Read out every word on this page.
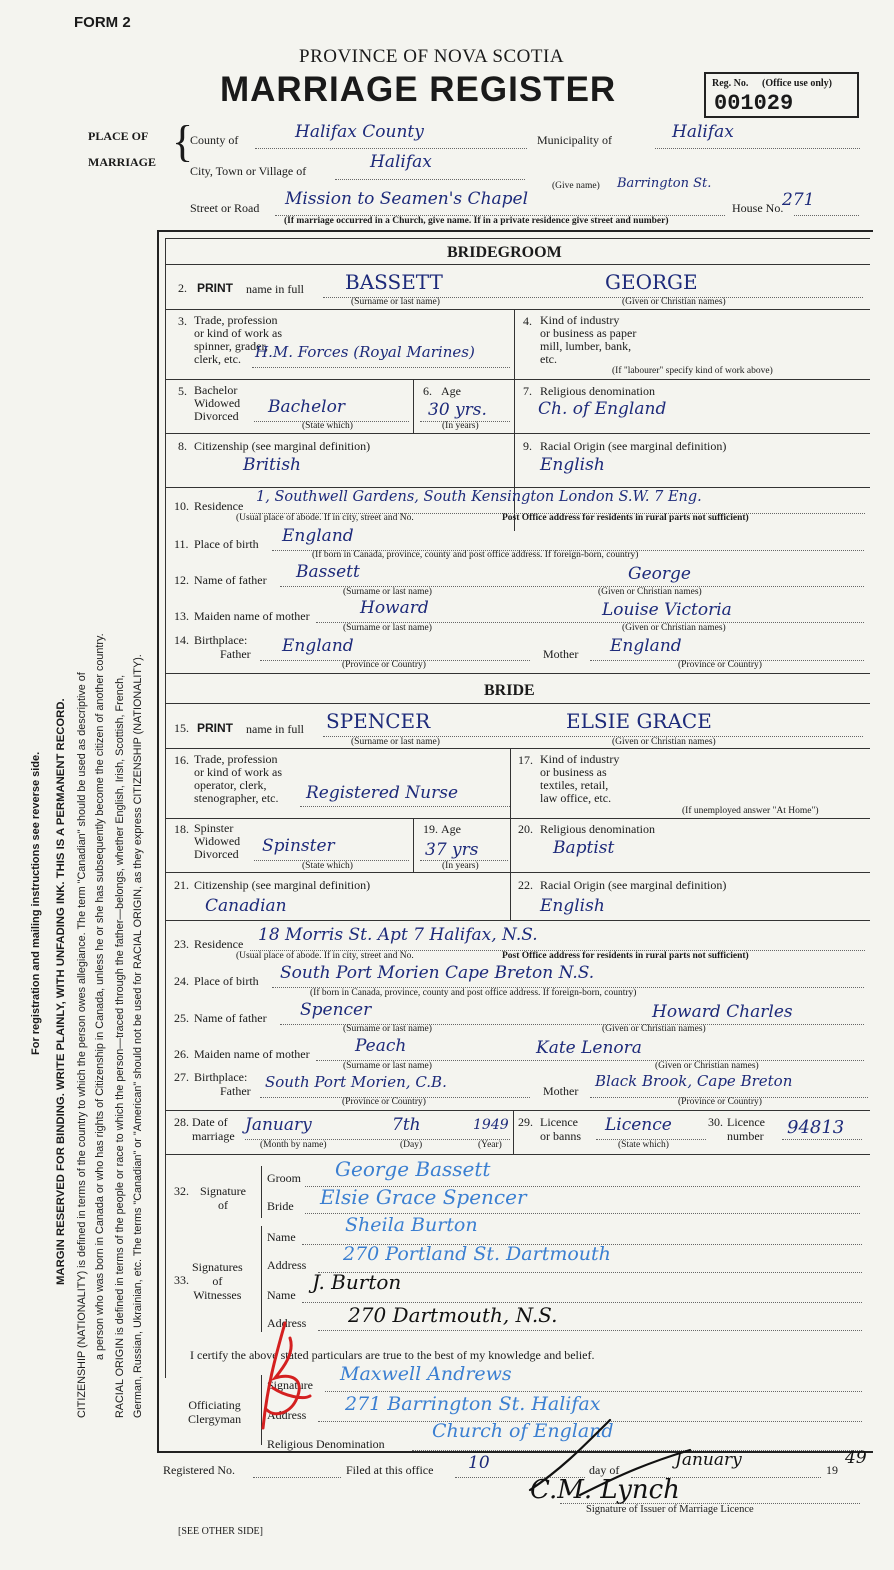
FORM 2
PROVINCE OF NOVA SCOTIA
MARRIAGE REGISTER	Reg. No. (Office use only)
001029
For registration and mailing instructions see reverse side. MARGIN RESERVED FOR BINDING. WRITE PLAINLY, WITH UNFADING INK. THIS IS A PERMANENT RECORD. CITIZENSHIP (NATIONALITY) is defined in terms of the country to which the person owes allegiance. The term "Canadian" should be used as descriptive of a person who was born in Canada or who has rights of Citizenship in Canada, unless he or she has subsequently become the citizen of another country. RACIAL ORIGIN is defined in terms of the people or race to which the person—traced through the father—belongs, whether English, Irish, Scottish, French, German, Russian, Ukrainian, etc. The terms "Canadian" or "American" should not be used for RACIAL ORIGIN, as they express CITIZENSHIP (NATIONALITY).
PLACE OF
MARRIAGE {
County of	Halifax County	Municipality of	Halifax
City, Town or Village of	Halifax
(Give name) Barrington St.
Street or Road Mission to Seamen's Chapel	House No.
271
(If marriage occurred in a Church, give name. If in a private residence give street and number)
BRIDEGROOM
2. PRINT name in full BASSETT	GEORGE
(Surname or last name)	(Given or Christian names)
3. Trade, profession
or kind of work as
spinner, grader,
clerk, etc. H.M. Forces (Royal Marines)
4. Kind of industry
or business as paper
mill, lumber, bank,
etc.
(If "labourer" specify kind of work above)
5. Bachelor
Widowed
Divorced Bachelor
(State which)
6. Age
30 yrs.
(In years)
7. Religious denomination
Ch. of England
8. Citizenship (see marginal definition)
British
9. Racial Origin (see marginal definition)
English
10. Residence
1, Southwell Gardens, South Kensington London S.W. 7 Eng.
(Usual place of abode. If in city, street and No.	Post Office address for residents in rural parts not sufficient)
11. Place of birth England
(If born in Canada, province, county and post office address. If foreign-born, country)
12. Name of father Bassett	George
(Surname or last name)	(Given or Christian names)
13. Maiden name of mother	Howard	Louise Victoria
(Surname or last name)	(Given or Christian names)
14. Birthplace:
Father England
(Province or Country)
Mother England
(Province or Country)
BRIDE
15. PRINT name in full SPENCER	ELSIE GRACE
(Surname or last name)	(Given or Christian names)
16. Trade, profession
or kind of work as
operator, clerk,
stenographer, etc. Registered Nurse
17. Kind of industry
or business as
textiles, retail,
law office, etc.
(If unemployed answer "At Home")
18. Spinster
Widowed
Divorced Spinster
(State which)
19. Age
37 yrs
(In years)
20. Religious denomination
Baptist
21. Citizenship (see marginal definition)
Canadian
22. Racial Origin (see marginal definition)
English
23. Residence 18 Morris St. Apt 7 Halifax, N.S.
(Usual place of abode. If in city, street and No.	Post Office address for residents in rural parts not sufficient)
24. Place of birth South Port Morien Cape Breton N.S.
(If born in Canada, province, county and post office address. If foreign-born, country)
25. Name of father Spencer	Howard Charles
(Surname or last name)	(Given or Christian names)
26. Maiden name of mother	Peach	Kate Lenora
(Surname or last name)	(Given or Christian names)
27. Birthplace:
Father South Port Morien, C.B.
(Province or Country)
Mother
Black Brook, Cape Breton
(Province or Country)
28. Date of
marriage
January	7th	1949
(Month by name)	(Day)	(Year)
29. Licence
or banns
Licence
(State which)
30. Licence
number 94813
32. Signature
of
Groom George Bassett
Bride Elsie Grace Spencer
33.
Signatures
of
Witnesses
Name
Sheila Burton
Address 270 Portland St. Dartmouth
Name
J. Burton
Address 270 Dartmouth, N.S.
I certify the above stated particulars are true to the best of my knowledge and belief.
Officiating
Clergyman
Signature Maxwell Andrews
Address 271 Barrington St. Halifax
Religious Denomination
Church of England
Registered No.	Filed at this office 10	day of	January	19
49
C.M. Lynch
Signature of Issuer of Marriage Licence
[SEE OTHER SIDE]
